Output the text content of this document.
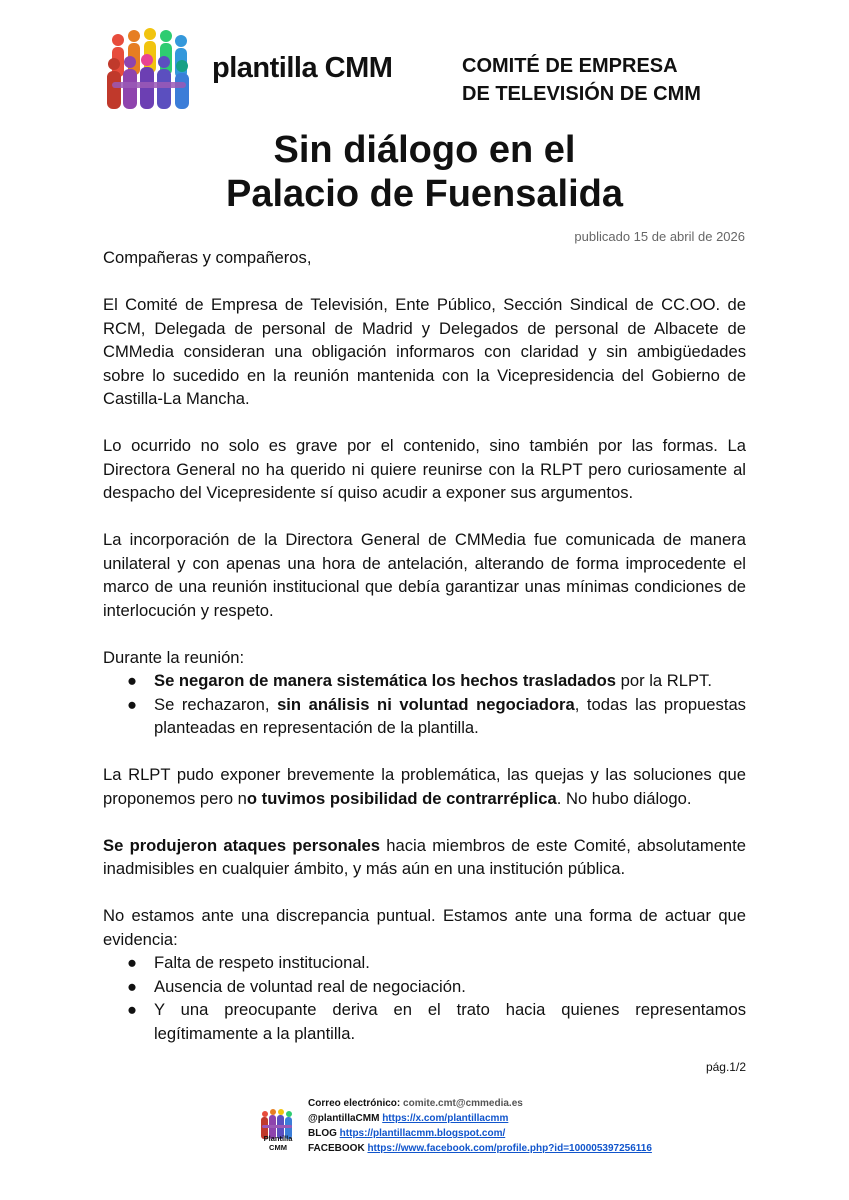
plantilla CMM	COMITÉ DE EMPRESA
DE TELEVISIÓN DE CMM
Sin diálogo en el
Palacio de Fuensalida
publicado 15 de abril de 2026

Compañeras y compañeros,

El Comité de Empresa de Televisión, Ente Público, Sección Sindical de CC.OO. de RCM, Delegada de personal de Madrid y Delegados de personal de Albacete de CMMedia consideran una obligación informaros con claridad y sin ambigüedades sobre lo sucedido en la reunión mantenida con la Vicepresidencia del Gobierno de Castilla-La Mancha.

Lo ocurrido no solo es grave por el contenido, sino también por las formas. La Directora General no ha querido ni quiere reunirse con la RLPT pero curiosamente al despacho del Vicepresidente sí quiso acudir a exponer sus argumentos.

La incorporación de la Directora General de CMMedia fue comunicada de manera unilateral y con apenas una hora de antelación, alterando de forma improcedente el marco de una reunión institucional que debía garantizar unas mínimas condiciones de interlocución y respeto.

Durante la reunión:

● Se negaron de manera sistemática los hechos trasladados por la RLPT.
● Se rechazaron, sin análisis ni voluntad negociadora, todas las propuestas planteadas en representación de la plantilla.

La RLPT pudo exponer brevemente la problemática, las quejas y las soluciones que proponemos pero no tuvimos posibilidad de contrarréplica. No hubo diálogo.

Se produjeron ataques personales hacia miembros de este Comité, absolutamente inadmisibles en cualquier ámbito, y más aún en una institución pública.

No estamos ante una discrepancia puntual. Estamos ante una forma de actuar que evidencia:

● Falta de respeto institucional.
● Ausencia de voluntad real de negociación.
● Y una preocupante deriva en el trato hacia quienes representamos legítimamente a la plantilla.
pág.1/2
Plantilla
CMM
Correo electrónico: comite.cmt@cmmedia.es
@plantillaCMM https://x.com/plantillacmm
BLOG https://plantillacmm.blogspot.com/
FACEBOOK https://www.facebook.com/profile.php?id=100005397256116
